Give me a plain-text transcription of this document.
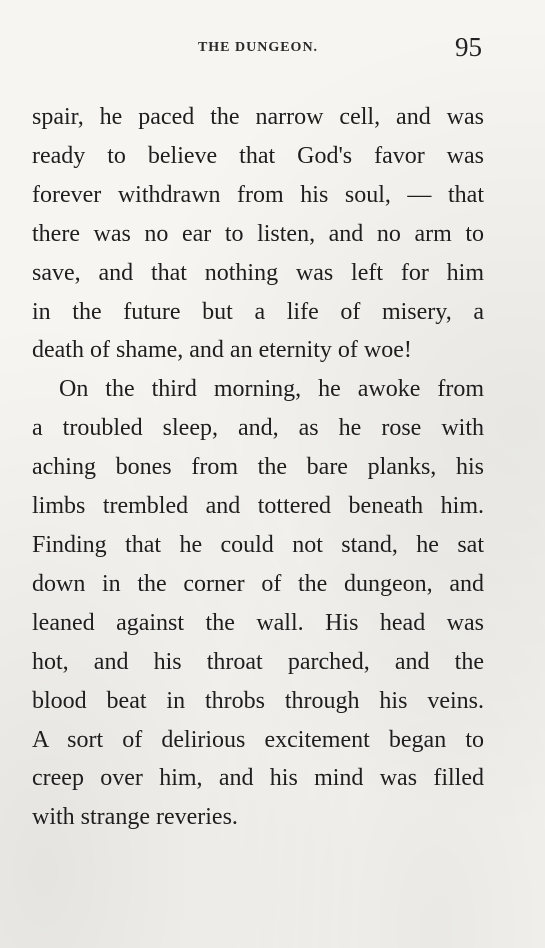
THE DUNGEON.	95

spair, he paced the narrow cell, and was
ready to believe that God's favor was
forever withdrawn from his soul, — that
there was no ear to listen, and no arm to
save, and that nothing was left for him
in the future but a life of misery, a
death of shame, and an eternity of woe!

On the third morning, he awoke from
a troubled sleep, and, as he rose with
aching bones from the bare planks, his
limbs trembled and tottered beneath him.
Finding that he could not stand, he sat
down in the corner of the dungeon, and
leaned against the wall. His head was
hot, and his throat parched, and the
blood beat in throbs through his veins.
A sort of delirious excitement began to
creep over him, and his mind was filled
with strange reveries.
